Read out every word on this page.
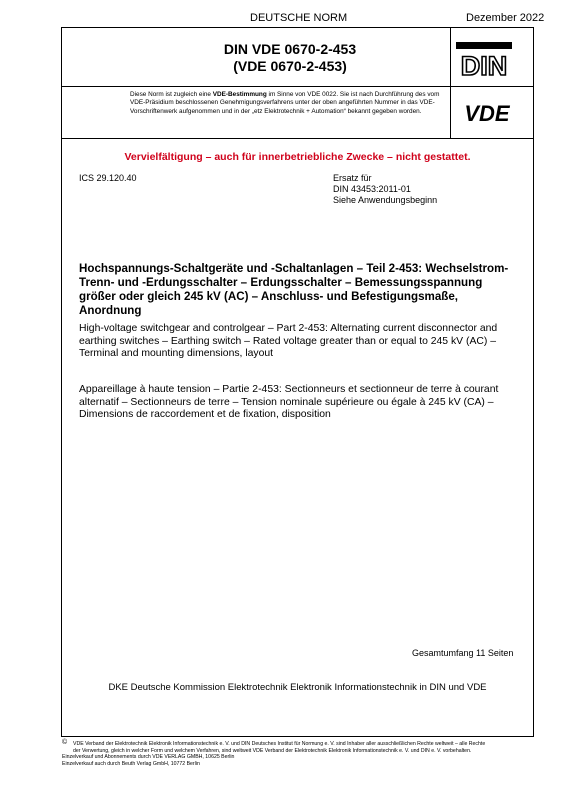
DEUTSCHE NORM	Dezember 2022
DIN VDE 0670-2-453
(VDE 0670-2-453)	DIN
Diese Norm ist zugleich eine VDE-Bestimmung im Sinne von VDE 0022. Sie ist nach Durchführung des vom VDE-Präsidium beschlossenen Genehmigungsverfahrens unter der oben angeführten Nummer in das VDE-Vorschriftenwerk aufgenommen und in der „etz Elektrotechnik + Automation“ bekannt gegeben worden.	VDE
Vervielfältigung – auch für innerbetriebliche Zwecke – nicht gestattet.
ICS 29.120.40	Ersatz für
DIN 43453:2011-01
Siehe Anwendungsbeginn
Hochspannungs-Schaltgeräte und -Schaltanlagen – Teil 2-453: Wechselstrom-Trenn- und -Erdungsschalter – Erdungsschalter – Bemessungsspannung größer oder gleich 245 kV (AC) – Anschluss- und Befestigungsmaße, Anordnung
High-voltage switchgear and controlgear – Part 2-453: Alternating current disconnector and earthing switches – Earthing switch – Rated voltage greater than or equal to 245 kV (AC) – Terminal and mounting dimensions, layout
Appareillage à haute tension – Partie 2-453: Sectionneurs et sectionneur de terre à courant alternatif – Sectionneurs de terre – Tension nominale supérieure ou égale à 245 kV (CA) – Dimensions de raccordement et de fixation, disposition
Gesamtumfang 11 Seiten
DKE Deutsche Kommission Elektrotechnik Elektronik Informationstechnik in DIN und VDE
© VDE Verband der Elektrotechnik Elektronik Informationstechnik e. V. und DIN Deutsches Institut für Normung e. V. sind Inhaber aller ausschließlichen Rechte weltweit – alle Rechte der Verwertung, gleich in welcher Form und welchem Verfahren, sind weltweit VDE Verband der Elektrotechnik Elektronik Informationstechnik e. V. und DIN e. V. vorbehalten.
Einzelverkauf und Abonnements durch VDE VERLAG GMBH, 10625 Berlin
Einzelverkauf auch durch Beuth Verlag GmbH, 10772 Berlin
